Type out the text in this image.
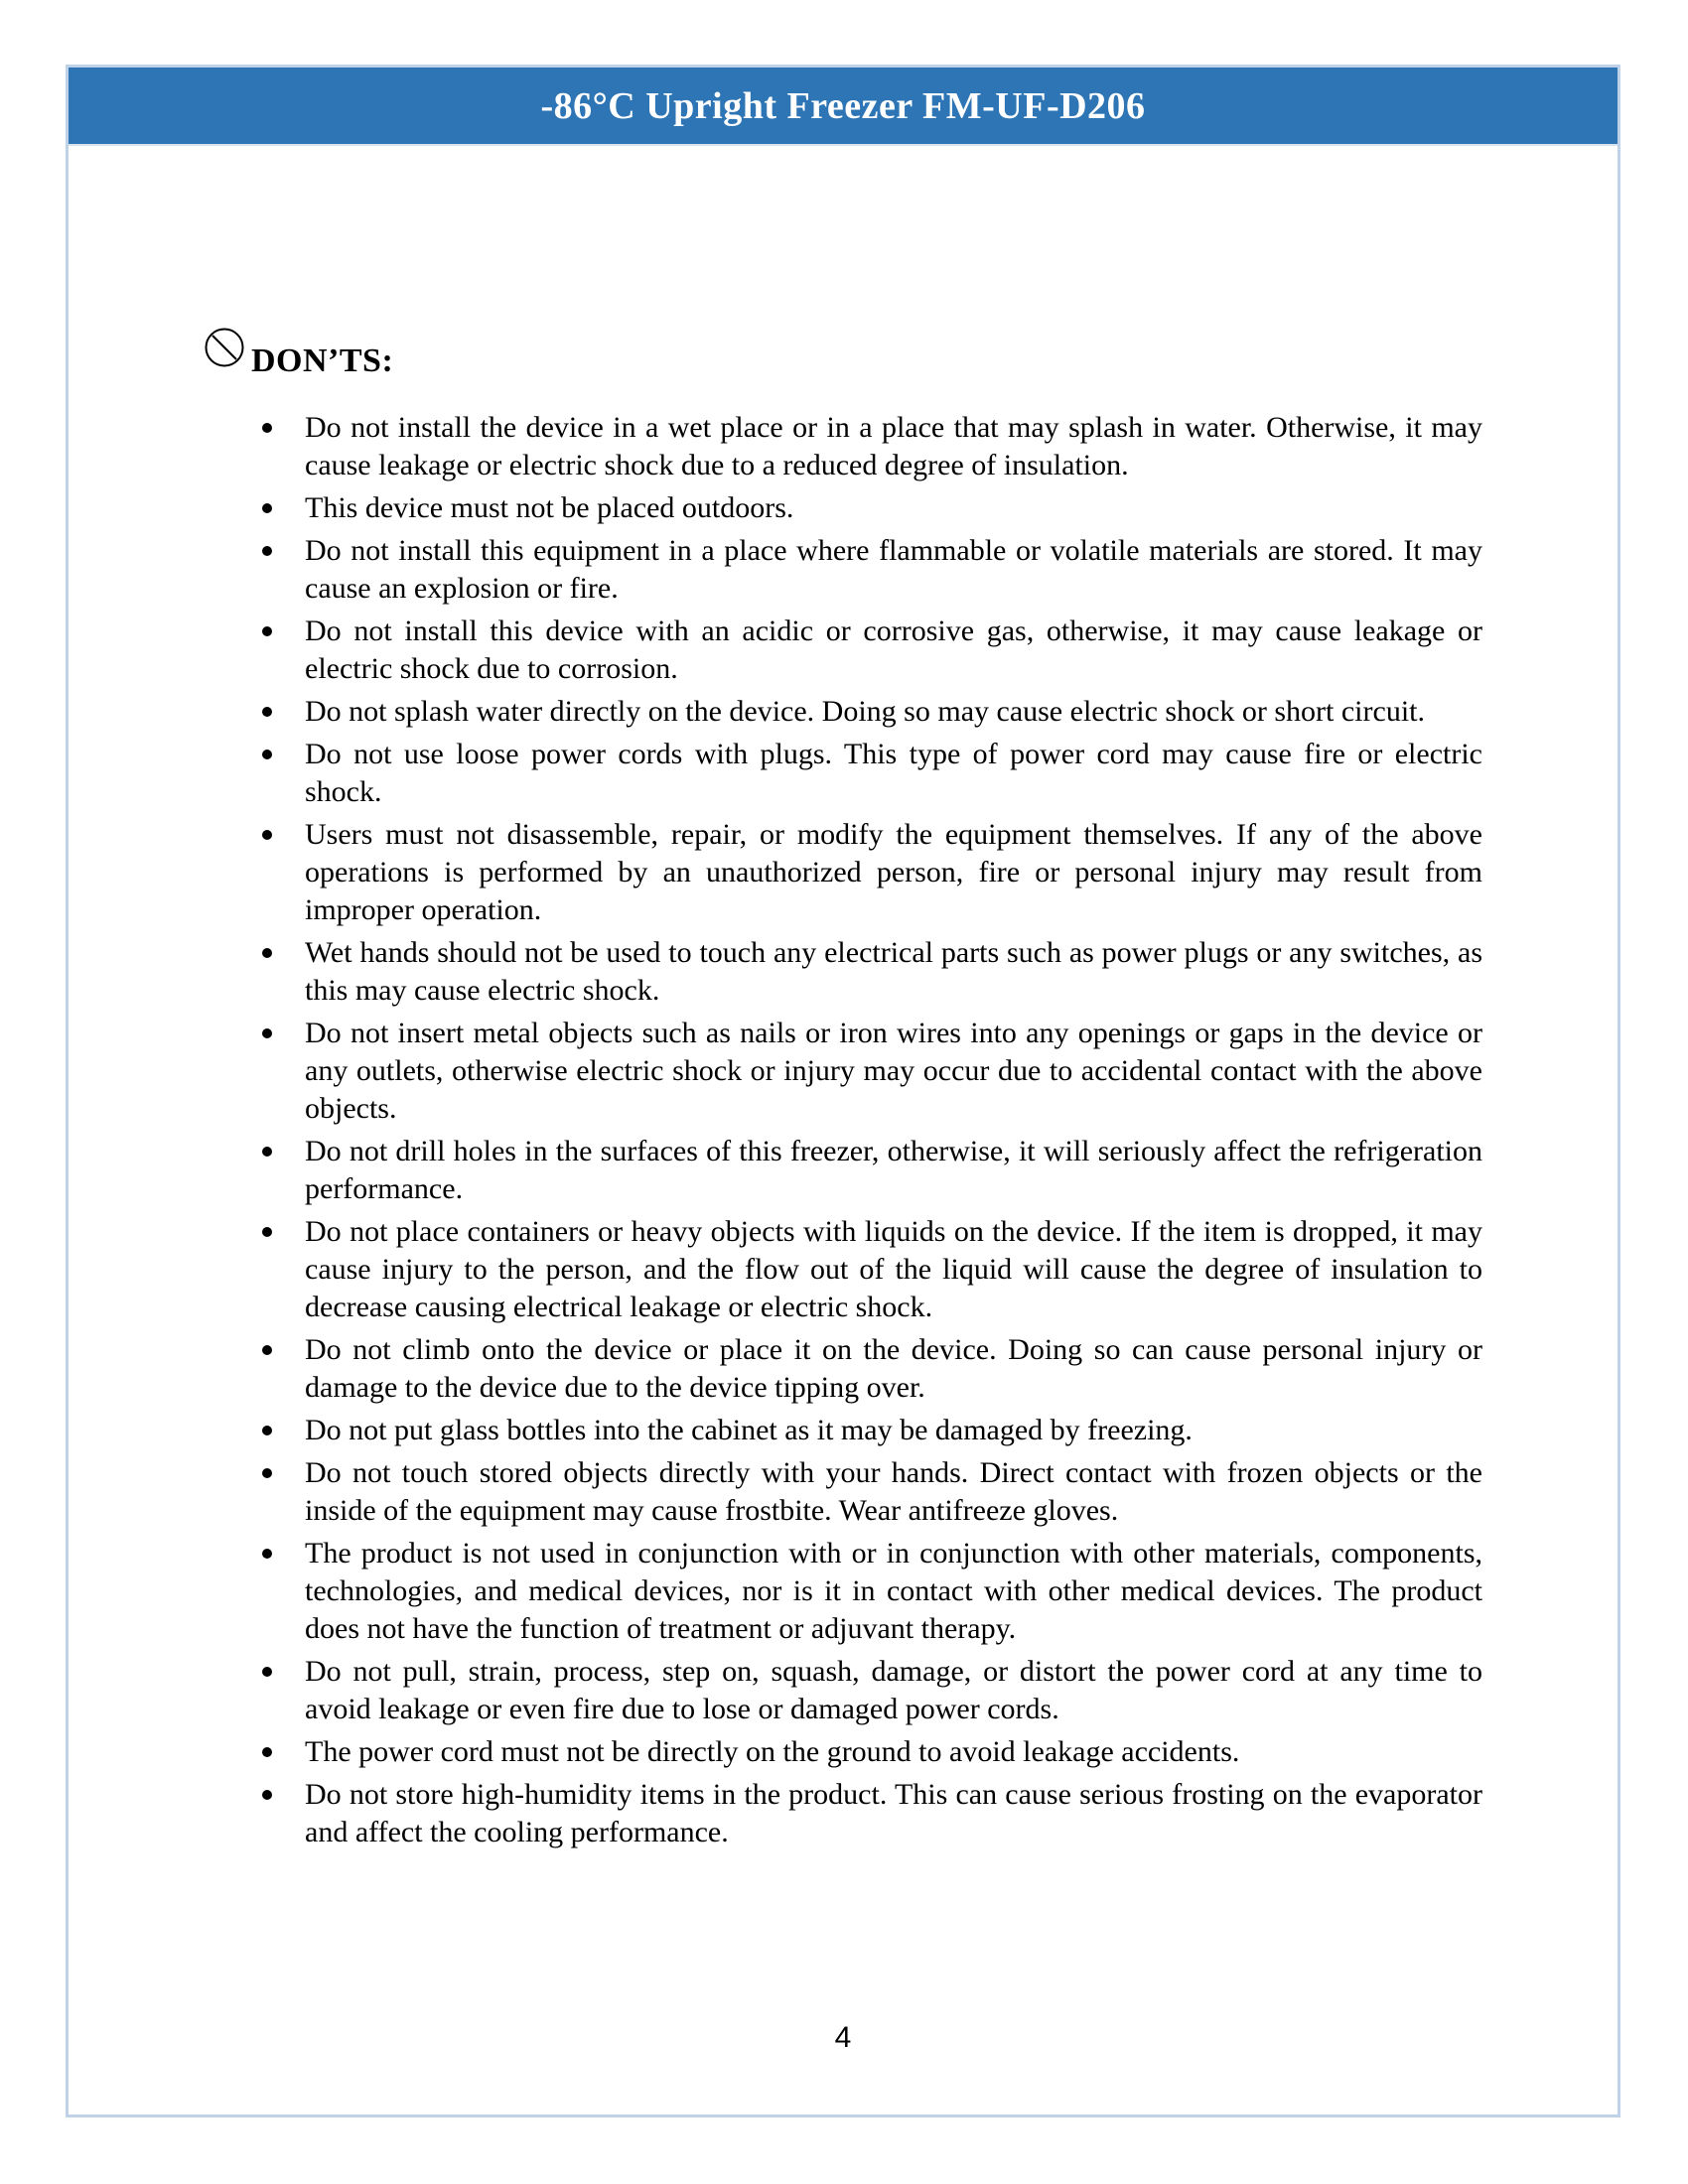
-86°C Upright Freezer FM-UF-D206
DON’TS:
Do not install the device in a wet place or in a place that may splash in water. Otherwise, it may cause leakage or electric shock due to a reduced degree of insulation.
This device must not be placed outdoors.
Do not install this equipment in a place where flammable or volatile materials are stored. It may cause an explosion or fire.
Do not install this device with an acidic or corrosive gas, otherwise, it may cause leakage or electric shock due to corrosion.
Do not splash water directly on the device. Doing so may cause electric shock or short circuit.
Do not use loose power cords with plugs. This type of power cord may cause fire or electric shock.
Users must not disassemble, repair, or modify the equipment themselves. If any of the above operations is performed by an unauthorized person, fire or personal injury may result from improper operation.
Wet hands should not be used to touch any electrical parts such as power plugs or any switches, as this may cause electric shock.
Do not insert metal objects such as nails or iron wires into any openings or gaps in the device or any outlets, otherwise electric shock or injury may occur due to accidental contact with the above objects.
Do not drill holes in the surfaces of this freezer, otherwise, it will seriously affect the refrigeration performance.
Do not place containers or heavy objects with liquids on the device. If the item is dropped, it may cause injury to the person, and the flow out of the liquid will cause the degree of insulation to decrease causing electrical leakage or electric shock.
Do not climb onto the device or place it on the device. Doing so can cause personal injury or damage to the device due to the device tipping over.
Do not put glass bottles into the cabinet as it may be damaged by freezing.
Do not touch stored objects directly with your hands. Direct contact with frozen objects or the inside of the equipment may cause frostbite. Wear antifreeze gloves.
The product is not used in conjunction with or in conjunction with other materials, components, technologies, and medical devices, nor is it in contact with other medical devices. The product does not have the function of treatment or adjuvant therapy.
Do not pull, strain, process, step on, squash, damage, or distort the power cord at any time to avoid leakage or even fire due to lose or damaged power cords.
The power cord must not be directly on the ground to avoid leakage accidents.
Do not store high-humidity items in the product. This can cause serious frosting on the evaporator and affect the cooling performance.
4
